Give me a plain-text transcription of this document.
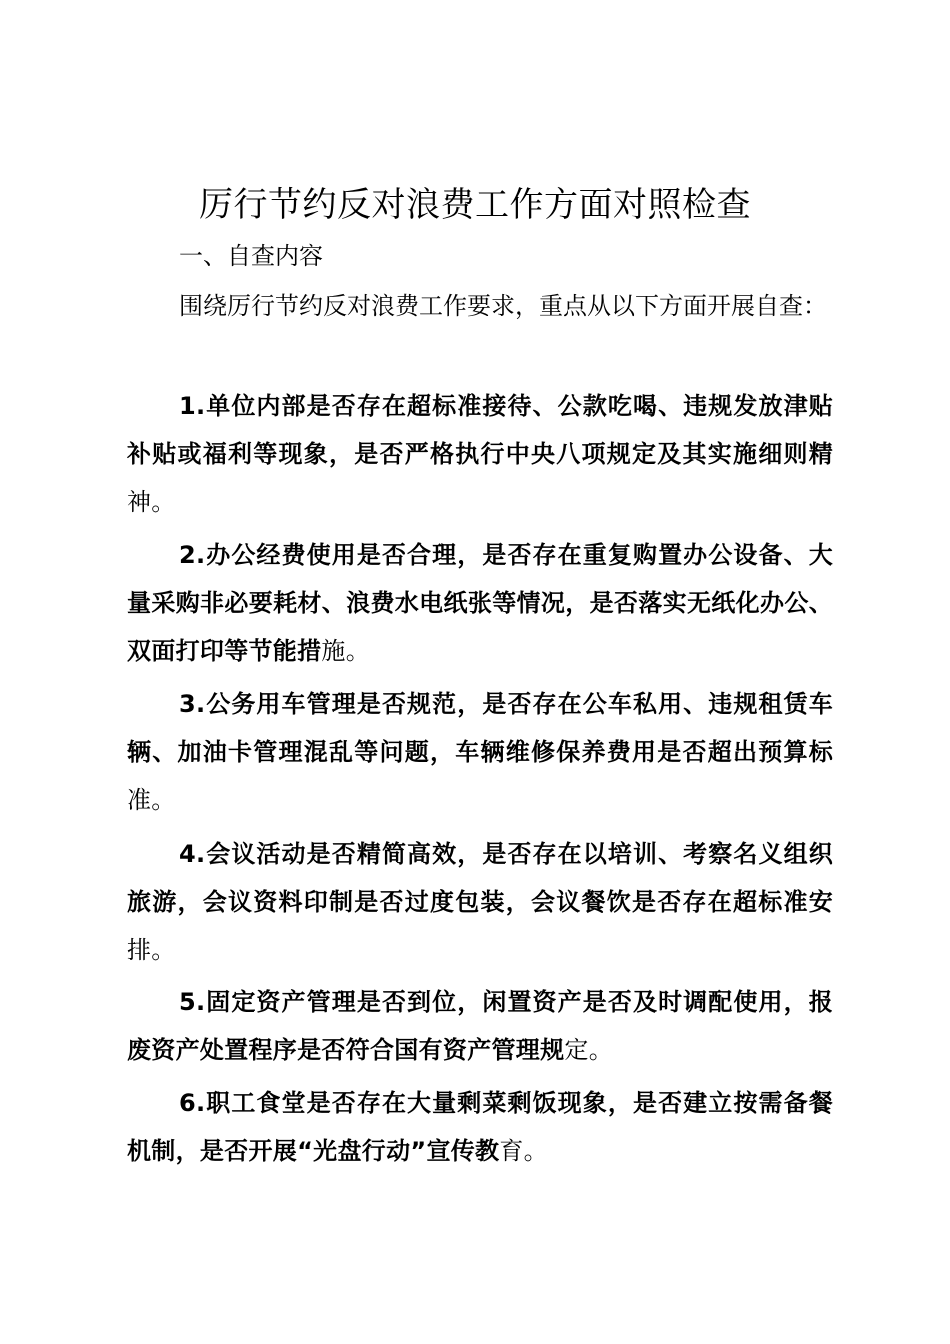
厉行节约反对浪费工作方面对照检查

一、自查内容

围绕厉行节约反对浪费工作要求，重点从以下方面开展自查：

1.单位内部是否存在超标准接待、公款吃喝、违规发放津贴补贴或福利等现象，是否严格执行中央八项规定及其实施细则精神。

2.办公经费使用是否合理，是否存在重复购置办公设备、大量采购非必要耗材、浪费水电纸张等情况，是否落实无纸化办公、双面打印等节能措施。

3.公务用车管理是否规范，是否存在公车私用、违规租赁车辆、加油卡管理混乱等问题，车辆维修保养费用是否超出预算标准。

4.会议活动是否精简高效，是否存在以培训、考察名义组织旅游，会议资料印制是否过度包装，会议餐饮是否存在超标准安排。

5.固定资产管理是否到位，闲置资产是否及时调配使用，报废资产处置程序是否符合国有资产管理规定。

6.职工食堂是否存在大量剩菜剩饭现象，是否建立按需备餐机制，是否开展“光盘行动”宣传教育。
